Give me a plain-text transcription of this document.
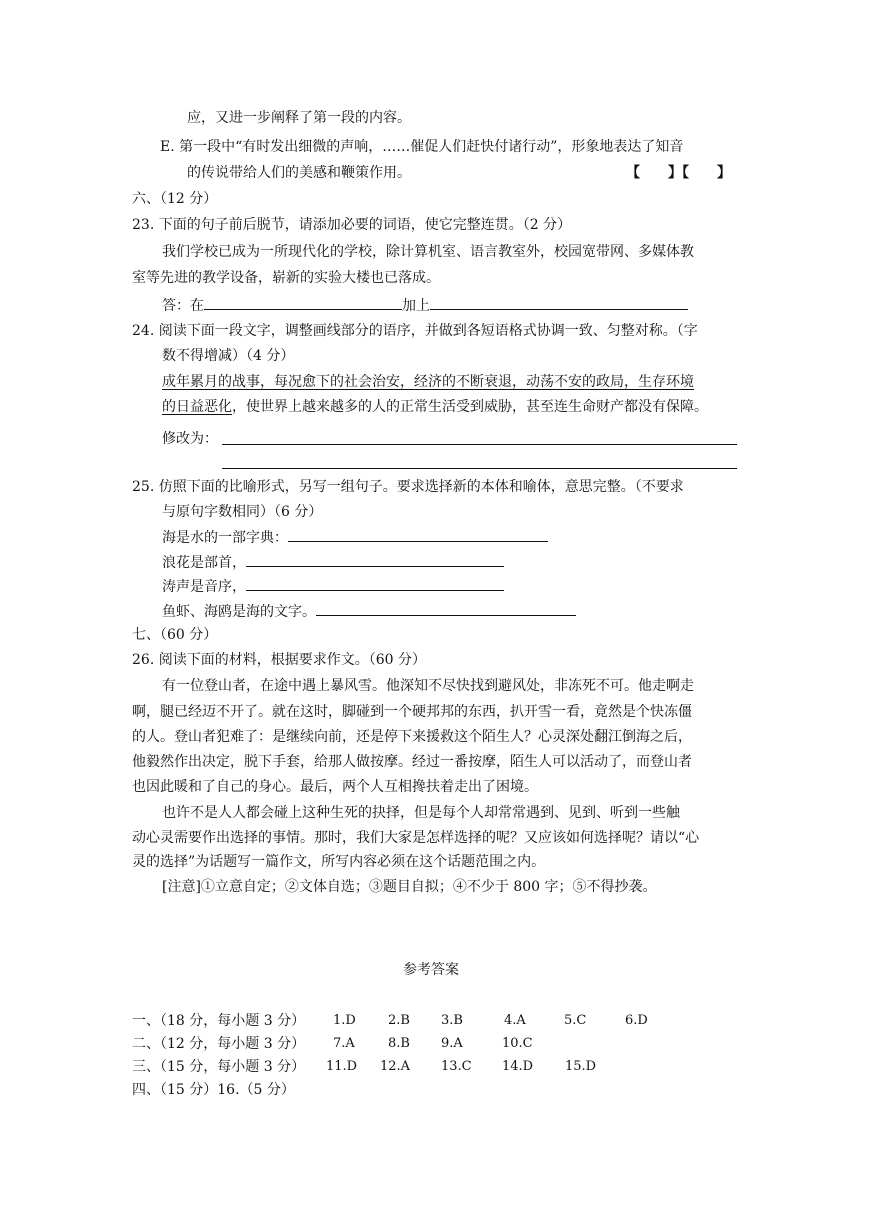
应，又进一步阐释了第一段的内容。
E. 第一段中“有时发出细微的声响，……催促人们赶快付诸行动”，形象地表达了知音
的传说带给人们的美感和鞭策作用。	【　　】【　　】
六、（12 分）
23. 下面的句子前后脱节，请添加必要的词语，使它完整连贯。（2 分）
我们学校已成为一所现代化的学校，除计算机室、语言教室外，校园宽带网、多媒体教
室等先进的教学设备，崭新的实验大楼也已落成。
答：在	加上
24. 阅读下面一段文字，调整画线部分的语序，并做到各短语格式协调一致、匀整对称。（字
数不得增减）（4 分）
成年累月的战事，每况愈下的社会治安，经济的不断衰退，动荡不安的政局，生存环境
的日益恶化，使世界上越来越多的人的正常生活受到威胁，甚至连生命财产都没有保障。
修改为：
25. 仿照下面的比喻形式，另写一组句子。要求选择新的本体和喻体，意思完整。（不要求
与原句字数相同）（6 分）
海是水的一部字典：
浪花是部首，
涛声是音序，
鱼虾、海鸥是海的文字。
七、（60 分）
26. 阅读下面的材料，根据要求作文。（60 分）
有一位登山者，在途中遇上暴风雪。他深知不尽快找到避风处，非冻死不可。他走啊走
啊，腿已经迈不开了。就在这时，脚碰到一个硬邦邦的东西，扒开雪一看，竟然是个快冻僵
的人。登山者犯难了：是继续向前，还是停下来援救这个陌生人？心灵深处翻江倒海之后，
他毅然作出决定，脱下手套，给那人做按摩。经过一番按摩，陌生人可以活动了，而登山者
也因此暖和了自己的身心。最后，两个人互相搀扶着走出了困境。
也许不是人人都会碰上这种生死的抉择，但是每个人却常常遇到、见到、听到一些触
动心灵需要作出选择的事情。那时，我们大家是怎样选择的呢？又应该如何选择呢？请以“心
灵的选择”为话题写一篇作文，所写内容必须在这个话题范围之内。
[注意]①立意自定；②文体自选；③题目自拟；④不少于 800 字；⑤不得抄袭。
参考答案
一、（18 分，每小题 3 分） 1.D 2.B 3.B	4.A	5.C	6.D
二、（12 分，每小题 3 分） 7.A	8.B 9.A	10.C
三、（15 分，每小题 3 分） 11.D 12.A 13.C 14.D 15.D
四、（15 分）16.（5 分）
